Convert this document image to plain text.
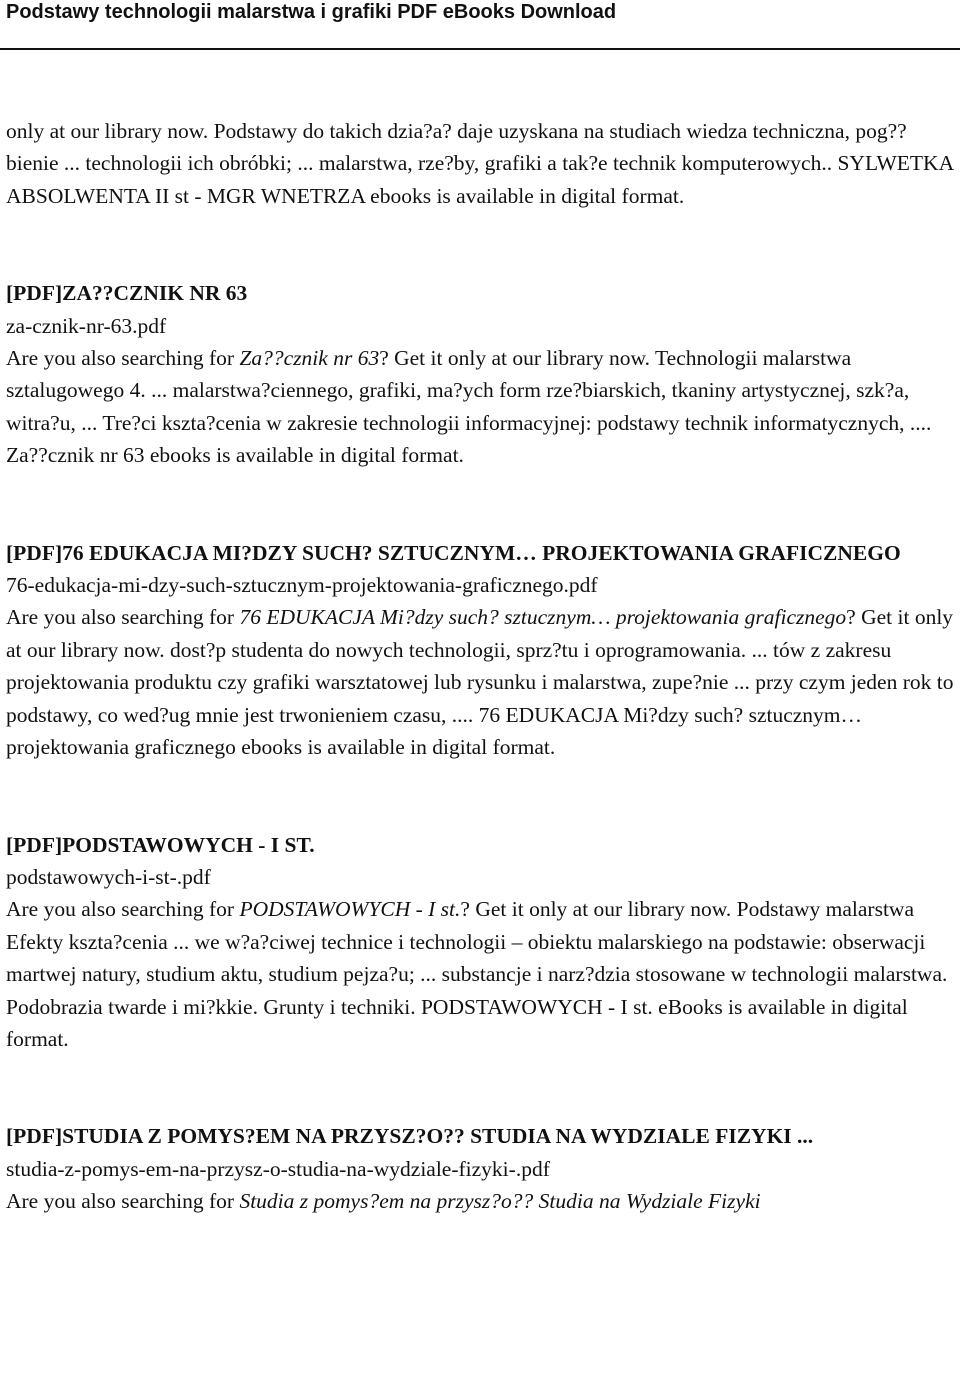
Podstawy technologii malarstwa i grafiki PDF eBooks Download

only at our library now. Podstawy do takich dzia?a? daje uzyskana na studiach wiedza techniczna, pog??bienie ... technologii ich obróbki; ... malarstwa, rze?by, grafiki a tak?e technik komputerowych.. SYLWETKA ABSOLWENTA II st - MGR WNETRZA ebooks is available in digital format.

[PDF]ZA??CZNIK NR 63
za-cznik-nr-63.pdf
Are you also searching for Za??cznik nr 63? Get it only at our library now. Technologii malarstwa sztalugowego 4. ... malarstwa?ciennego, grafiki, ma?ych form rze?biarskich, tkaniny artystycznej, szk?a, witra?u, ... Tre?ci kszta?cenia w zakresie technologii informacyjnej: podstawy technik informatycznych, .... Za??cznik nr 63 ebooks is available in digital format.
[PDF]76 EDUKACJA MI?DZY SUCH? SZTUCZNYM… PROJEKTOWANIA GRAFICZNEGO
76-edukacja-mi-dzy-such-sztucznym-projektowania-graficznego.pdf
Are you also searching for 76 EDUKACJA Mi?dzy such? sztucznym… projektowania graficznego? Get it only at our library now. dost?p studenta do nowych technologii, sprz?tu i oprogramowania. ... tów z zakresu projektowania produktu czy grafiki warsztatowej lub rysunku i malarstwa, zupe?nie ... przy czym jeden rok to podstawy, co wed?ug mnie jest trwonieniem czasu, .... 76 EDUKACJA Mi?dzy such? sztucznym… projektowania graficznego ebooks is available in digital format.
[PDF]PODSTAWOWYCH - I ST.
podstawowych-i-st-.pdf
Are you also searching for PODSTAWOWYCH - I st.? Get it only at our library now. Podstawy malarstwa Efekty kszta?cenia ... we w?a?ciwej technice i technologii – obiektu malarskiego na podstawie: obserwacji martwej natury, studium aktu, studium pejza?u; ... substancje i narz?dzia stosowane w technologii malarstwa. Podobrazia twarde i mi?kkie. Grunty i techniki. PODSTAWOWYCH - I st. eBooks is available in digital format.
[PDF]STUDIA Z POMYS?EM NA PRZYSZ?O?? STUDIA NA WYDZIALE FIZYKI ...
studia-z-pomys-em-na-przysz-o-studia-na-wydziale-fizyki-.pdf
Are you also searching for Studia z pomys?em na przysz?o?? Studia na Wydziale Fizyki
